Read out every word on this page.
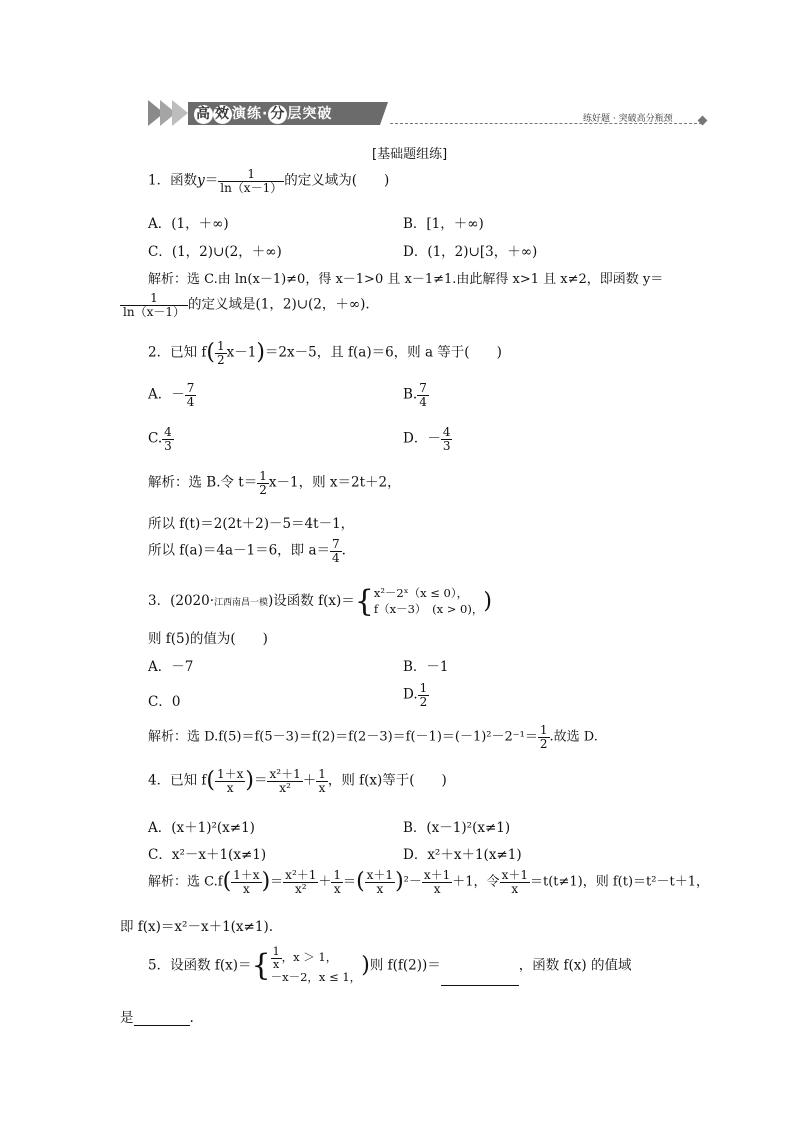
高 效 演练· 分 层突破	练好题 · 突破高分瓶颈
[基础题组练]
1．函数$y= \frac{1}{\ln(x-1)}$ 的定义域为(　　)
A．(1，＋∞)	B．[1，＋∞)
C．(1，2)∪(2，＋∞)	D．(1，2)∪[3，＋∞)
解析：选 C.由 ln(x－1)≠0，得 x－1>0 且 x－1≠1.由此解得 x>1 且 x≠2，即函数 y＝
$\frac{1}{\ln(x-1)}$ 的定义域是(1，2)∪(2，＋∞).
2．已知 $f( \frac{1}{2} x-1)=2x-5$，且 f(a)＝6，则 a 等于(　　)
A．－ $\frac{7}{4}$	B. $\frac{7}{4}$
C. $\frac{4}{3}$	D．－ $\frac{4}{3}$
解析：选 B.令 $t= \frac{1}{2} x-1$，则 x＝2t＋2，
所以 f(t)＝2(2t＋2)－5＝4t－1，
所以 f(a)＝4a－1＝6，即 $a= \frac{7}{4}$ .
3．(2020·江西南昌一模)设函数 f(x)＝{ x²－2ˣ（x ≤ 0），
f（x－3）　(x > 0)， )
则 f(5)的值为(　　)
A．－7	B．－1
C．0	D. $\frac{1}{2}$
解析：选 $D.f(5)=f(5-3)=f(2)=f(2-3)=f(-1)=(-1)^2-2^{-1}= \frac{1}{2}$ .故选 D.
4．已知 $f( \frac{1+x}{x}$ )＝ $\frac{\text{x²＋1}}{\text{x²}} + \frac{1}{x}$ ，则 f(x)等于(　　)
A．(x＋1)²(x≠1)	B．(x－1)²(x≠1)
C．x²－x＋1(x≠1)	D．x²＋x＋1(x≠1)
解析：选 $C.f( \frac{1+x}{x}$ )＝ $\frac{\text{x²＋1}}{\text{x²}} + \frac{1}{x}$ ＝( $\frac{x+1}{x} )^2- \frac{x+1}{x} +1$，令 $\frac{x+1}{x} =t(t\ne 1)$，则 f(t)＝t²－t＋1，
即 f(x)＝x²－x＋1(x≠1).
5．设函数 $f(x)=\{ \frac{1}{x}$ ，x ＞ 1，
－x－2，x ≤ 1， )则 f(f(2))＝	，函数 f(x) 的值域
是	.
